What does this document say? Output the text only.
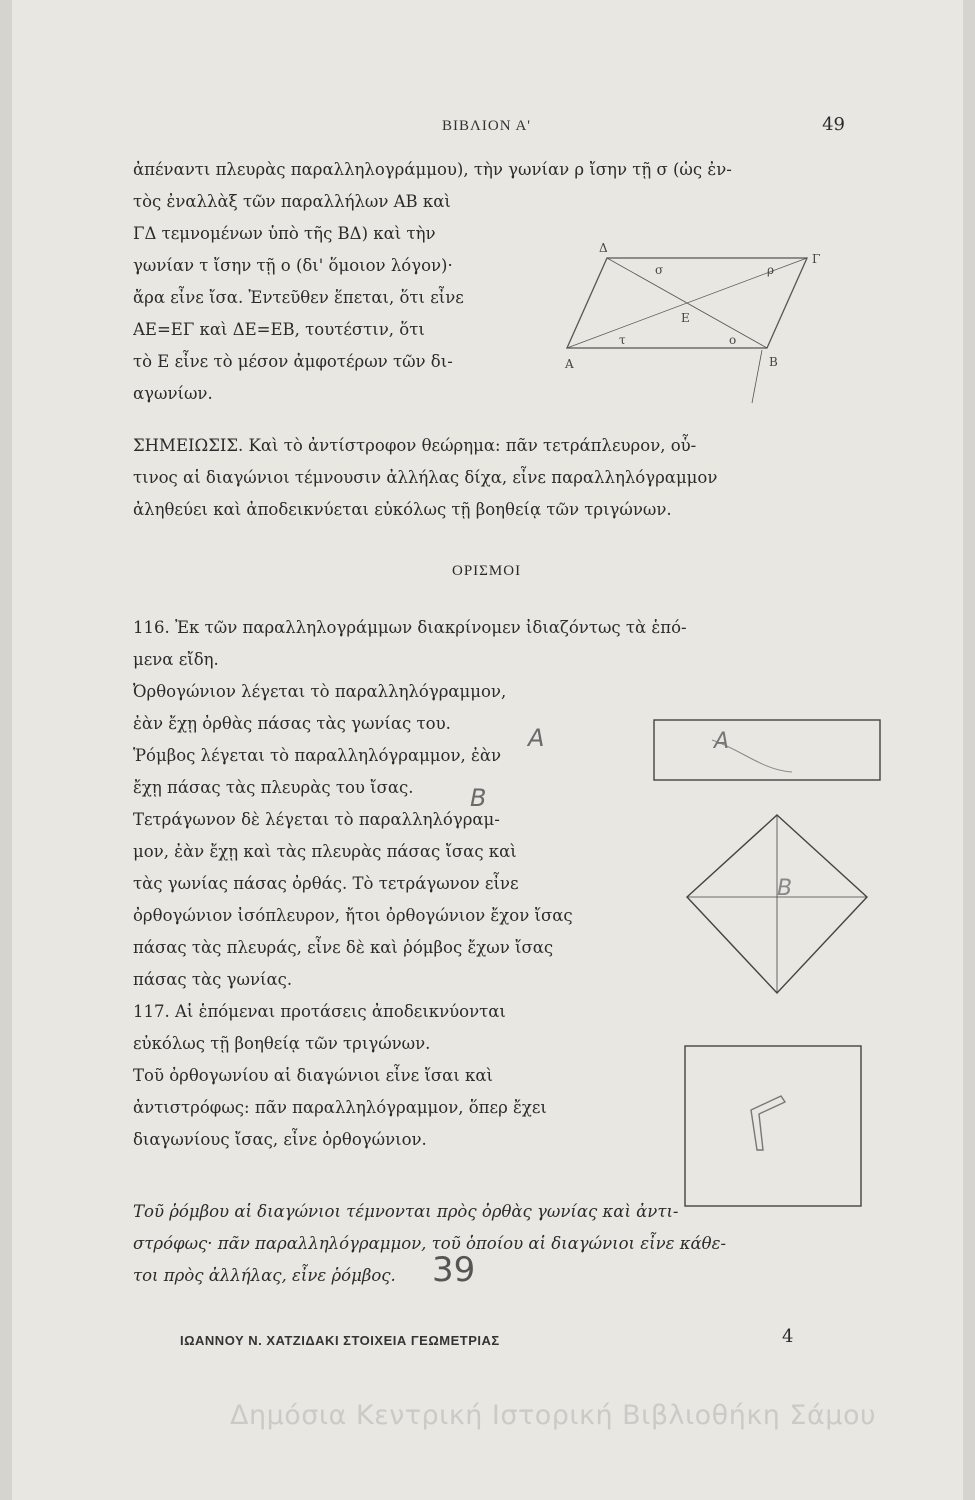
ΒΙΒΛΙΟΝ Α'	49
ἀπέναντι πλευρὰς παραλληλογράμμου), τὴν γωνίαν ρ ἴσην τῇ σ (ὡς ἐν-
τὸς ἐναλλὰξ τῶν παραλλήλων ΑΒ καὶ
ΓΔ τεμνομένων ὑπὸ τῆς ΒΔ) καὶ τὴν
γωνίαν τ ἴσην τῇ ο (δι' ὅμοιον λόγον)·
ἄρα εἶνε ἴσα. Ἐντεῦθεν ἕπεται, ὅτι εἶνε
ΑΕ=ΕΓ καὶ ΔΕ=ΕΒ, τουτέστιν, ὅτι
τὸ Ε εἶνε τὸ μέσον ἀμφοτέρων τῶν δι-
αγωνίων.
Δ
Γ
σ	ρ
Ε
τ	ο
Α	Β
ΣΗΜΕΙΩΣΙΣ. Καὶ τὸ ἀντίστροφον θεώρημα: πᾶν τετράπλευρον, οὗ-
τινος αἱ διαγώνιοι τέμνουσιν ἀλλήλας δίχα, εἶνε παραλληλόγραμμον
ἀληθεύει καὶ ἀποδεικνύεται εὐκόλως τῇ βοηθείᾳ τῶν τριγώνων.
ΟΡΙΣΜΟΙ
116. Ἐκ τῶν παραλληλογράμμων διακρίνομεν ἰδιαζόντως τὰ ἑπό-
μενα εἴδη.
Ὀρθογώνιον λέγεται τὸ παραλληλόγραμμον,
ἐὰν ἔχῃ ὀρθὰς πάσας τὰς γωνίας του.
Ῥόμβος λέγεται τὸ παραλληλόγραμμον, ἐὰν
ἔχῃ πάσας τὰς πλευρὰς του ἴσας.
Τετράγωνον δὲ λέγεται τὸ παραλληλόγραμ-
μον, ἐὰν ἔχῃ καὶ τὰς πλευρὰς πάσας ἴσας καὶ
τὰς γωνίας πάσας ὀρθάς. Τὸ τετράγωνον εἶνε
ὀρθογώνιον ἰσόπλευρον, ἤτοι ὀρθογώνιον ἔχον ἴσας
πάσας τὰς πλευράς, εἶνε δὲ καὶ ῥόμβος ἔχων ἴσας
πάσας τὰς γωνίας.
117. Αἱ ἑπόμεναι προτάσεις ἀποδεικνύονται
εὐκόλως τῇ βοηθείᾳ τῶν τριγώνων.
Τοῦ ὀρθογωνίου αἱ διαγώνιοι εἶνε ἴσαι καὶ
ἀντιστρόφως: πᾶν παραλληλόγραμμον, ὅπερ ἔχει
διαγωνίους ἴσας, εἶνε ὀρθογώνιον.
A
B
A
B
Τοῦ ῥόμβου αἱ διαγώνιοι τέμνονται πρὸς ὀρθὰς γωνίας καὶ ἀντι-
στρόφως· πᾶν παραλληλόγραμμον, τοῦ ὁποίου αἱ διαγώνιοι εἶνε κάθε-
τοι πρὸς ἀλλήλας, εἶνε ῥόμβος.	39
ΙΩΑΝΝΟΥ Ν. ΧΑΤΖΙΔΑΚΙ ΣΤΟΙΧΕΙΑ ΓΕΩΜΕΤΡΙΑΣ	4
Δημόσια Κεντρική Ιστορική Βιβλιοθήκη Σάμου
